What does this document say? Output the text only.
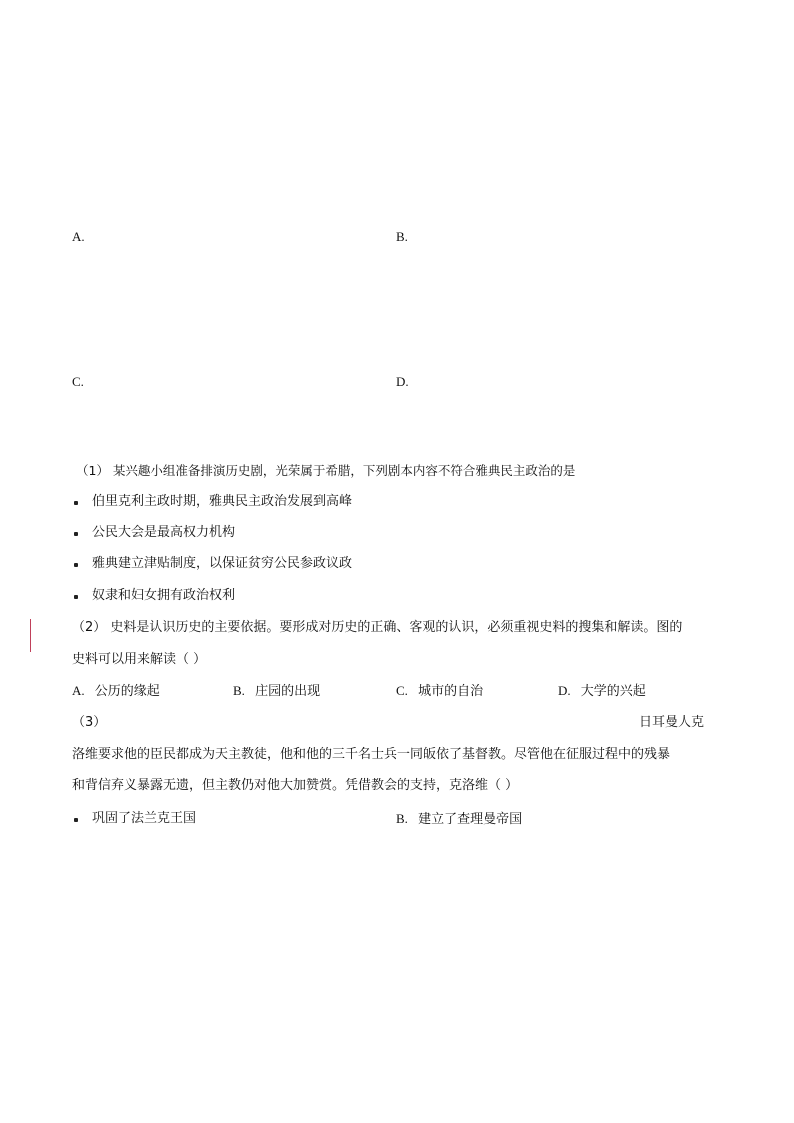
A.	B.
C.	D.
（1） 某兴趣小组准备排演历史剧，光荣属于希腊，下列剧本内容不符合雅典民主政治的是
伯里克利主政时期，雅典民主政治发展到高峰
公民大会是最高权力机构
雅典建立津贴制度，以保证贫穷公民参政议政
奴隶和妇女拥有政治权利
（2） 史料是认识历史的主要依据。要形成对历史的正确、客观的认识，必须重视史料的搜集和解读。图的
史料可以用来解读（ ）
A. 公历的缘起	B. 庄园的出现	C. 城市的自治	D. 大学的兴起
（3）	日耳曼人克
洛维要求他的臣民都成为天主教徒，他和他的三千名士兵一同皈依了基督教。尽管他在征服过程中的残暴
和背信弃义暴露无遗，但主教仍对他大加赞赏。凭借教会的支持，克洛维（ ）
巩固了法兰克王国	B. 建立了查理曼帝国
